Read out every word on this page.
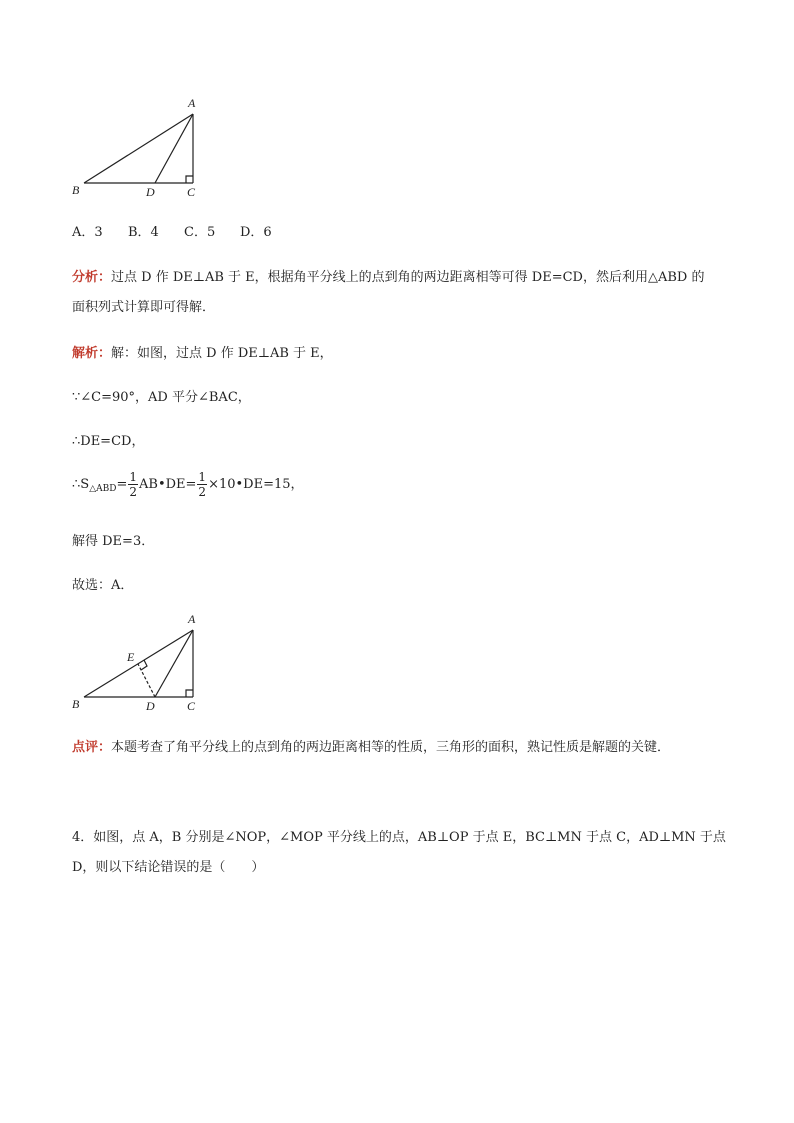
A
B	D	C
A．3 B．4 C．5 D．6
分析：过点 D 作 DE⊥AB 于 E，根据角平分线上的点到角的两边距离相等可得 DE=CD，然后利用△ABD 的
面积列式计算即可得解．
解析：解：如图，过点 D 作 DE⊥AB 于 E，
∵∠C=90°，AD 平分∠BAC，
∴DE=CD，
$\therefore S_{\triangle ABD}= \frac{1}{2}$ AB•DE= $\frac{1}{2}$ ×10•DE=15，
解得 DE=3．
故选：A．
A
E
B	D	C
点评：本题考查了角平分线上的点到角的两边距离相等的性质，三角形的面积，熟记性质是解题的关键．
4．如图，点 A，B 分别是∠NOP，∠MOP 平分线上的点，AB⊥OP 于点 E，BC⊥MN 于点 C，AD⊥MN 于点
D，则以下结论错误的是（　　）
